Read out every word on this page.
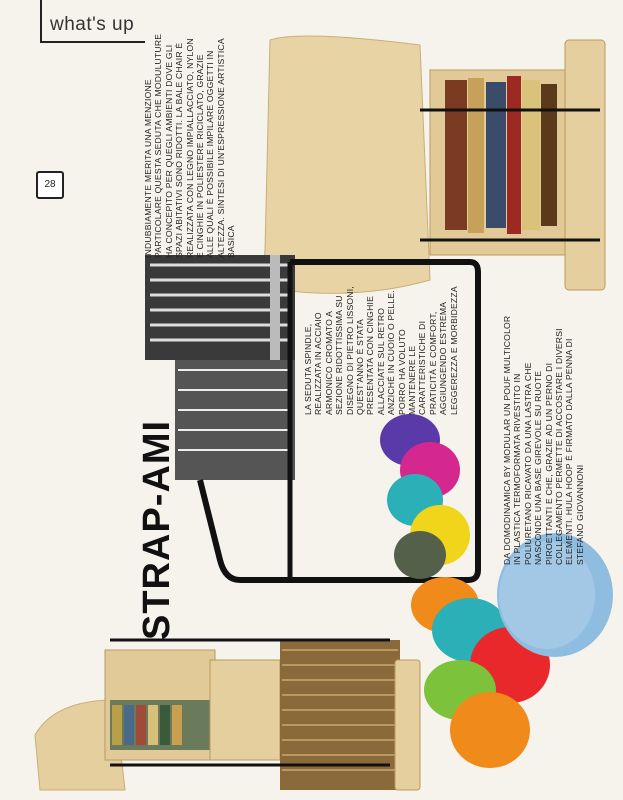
what's up
28
STRAP-AMI
INDUBBIAMENTE MERITA UNA MENZIONE PARTICOLARE QUESTA SEDUTA CHE MODULUTURE HA CONCEPITO PER QUEGLI AMBIENTI DOVE GLI SPAZI ABITATIVI SONO RIDOTTI. LA BALE CHAIR È REALIZZATA CON LEGNO IMPIALLACCIATO, NYLON E CINGHIE IN POLIESTERE RICICLATO, GRAZIE ALLE QUALI È POSSIBILE IMPILARE OGGETTI IN ALTEZZA. SINTESI DI UN'ESPRESSIONE ARTISTICA BASICA
LA SEDUTA SPINDLE, REALIZZATA IN ACCIAIO ARMONICO CROMATO A SEZIONE RIDOTTISSIMA SU DISEGNO DI PIETRO LISSONI, QUEST'ANNO È STATA PRESENTATA CON CINGHIE ALLACCIATE SUL RETRO ANZICHÉ IN CUOIO O PELLE. PORRO HA VOLUTO MANTENERE LE CARATTERISTICHE DI PRATICITÀ E COMFORT, AGGIUNGENDO ESTREMA LEGGEREZZA E MORBIDEZZA	DA DOMODINAMICA BY MODULAR UN POUF MULTICOLOR IN PLASTICA TERMOFORMATA RIVESTITO IN POLIURETANO RICAVATO DA UNA LASTRA CHE NASCONDE UNA BASE GIREVOLE SU RUOTE PIROETTANTI E CHE, GRAZIE AD UN PERNO DI COLLEGAMENTO PERMETTE DI ACCOSTARE I DIVERSI ELEMENTI. HULA HOOP È FIRMATO DALLA PENNA DI STEFANO GIOVANNONI
